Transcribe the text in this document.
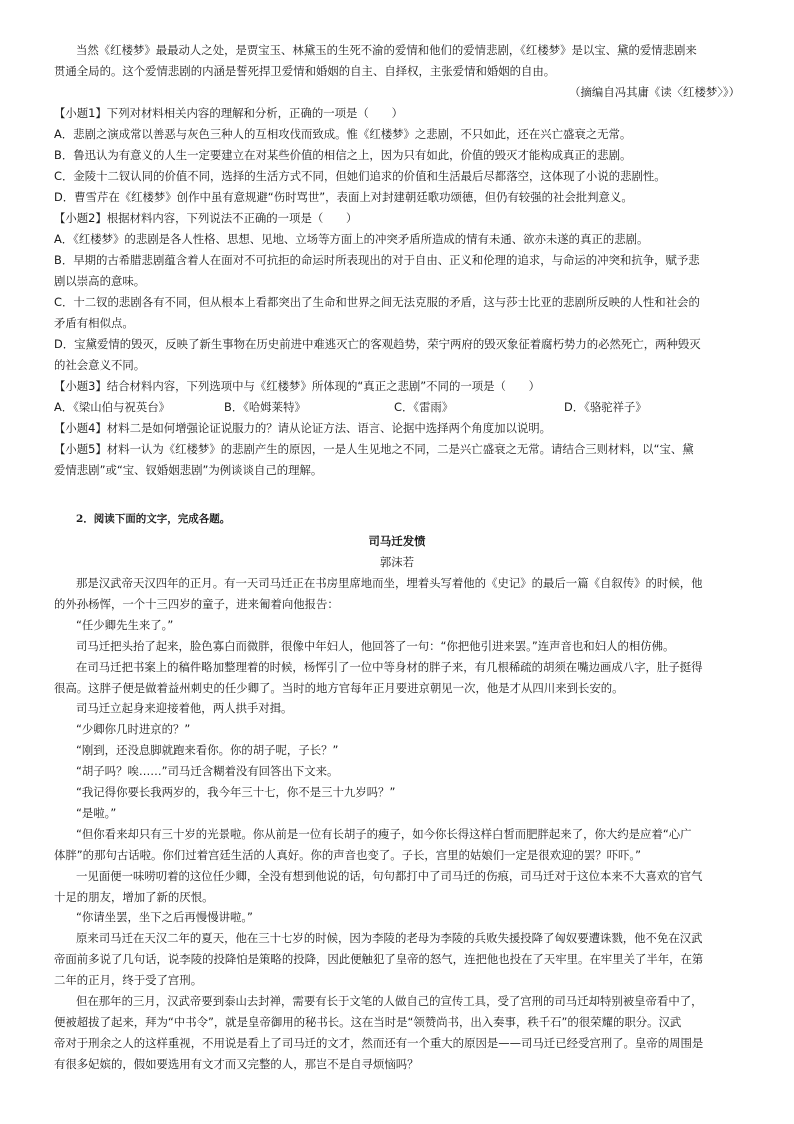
当然《红楼梦》最最动人之处，是贾宝玉、林黛玉的生死不渝的爱情和他们的爱情悲剧，《红楼梦》是以宝、黛的爱情悲剧来
贯通全局的。这个爱情悲剧的内涵是誓死捍卫爱情和婚姻的自主、自择权，主张爱情和婚姻的自由。
（摘编自冯其庸《读〈红楼梦〉》）
【小题1】下列对材料相关内容的理解和分析，正确的一项是（　　）
A．悲剧之演成常以善恶与灰色三种人的互相攻伐而致成。惟《红楼梦》之悲剧，不只如此，还在兴亡盛衰之无常。
B．鲁迅认为有意义的人生一定要建立在对某些价值的相信之上，因为只有如此，价值的毁灭才能构成真正的悲剧。
C．金陵十二钗认同的价值不同，选择的生活方式不同，但她们追求的价值和生活最后尽都落空，这体现了小说的悲剧性。
D．曹雪芹在《红楼梦》创作中虽有意规避“伤时骂世”，表面上对封建朝廷歌功颂德，但仍有较强的社会批判意义。
【小题2】根据材料内容，下列说法不正确的一项是（　　）
A．《红楼梦》的悲剧是各人性格、思想、见地、立场等方面上的冲突矛盾所造成的情有未通、欲亦未遂的真正的悲剧。
B．早期的古希腊悲剧蕴含着人在面对不可抗拒的命运时所表现出的对于自由、正义和伦理的追求，与命运的冲突和抗争，赋予悲
剧以崇高的意味。
C．十二钗的悲剧各有不同，但从根本上看都突出了生命和世界之间无法克服的矛盾，这与莎士比亚的悲剧所反映的人性和社会的
矛盾有相似点。
D．宝黛爱情的毁灭，反映了新生事物在历史前进中难逃灭亡的客观趋势，荣宁两府的毁灭象征着腐朽势力的必然死亡，两种毁灭
的社会意义不同。
【小题3】结合材料内容，下列选项中与《红楼梦》所体现的“真正之悲剧”不同的一项是（　　）
A．《梁山伯与祝英台》	B．《哈姆莱特》	C．《雷雨》	D．《骆驼祥子》
【小题4】材料二是如何增强论证说服力的？请从论证方法、语言、论据中选择两个角度加以说明。
【小题5】材料一认为《红楼梦》的悲剧产生的原因，一是人生见地之不同，二是兴亡盛衰之无常。请结合三则材料，以“宝、黛
爱情悲剧”或“宝、钗婚姻悲剧”为例谈谈自己的理解。
2．阅读下面的文字，完成各题。
司马迁发愤
郭沫若
那是汉武帝天汉四年的正月。有一天司马迁正在书房里席地而坐，埋着头写着他的《史记》的最后一篇《自叙传》的时候，他
的外孙杨恽，一个十三四岁的童子，进来匍着向他报告：
“任少卿先生来了。”
司马迁把头抬了起来，脸色寡白而微胖，很像中年妇人，他回答了一句：“你把他引进来罢。”连声音也和妇人的相仿佛。
在司马迁把书案上的稿件略加整理着的时候，杨恽引了一位中等身材的胖子来，有几根稀疏的胡须在嘴边画成八字，肚子挺得
很高。这胖子便是做着益州刺史的任少卿了。当时的地方官每年正月要进京朝见一次，他是才从四川来到长安的。
司马迁立起身来迎接着他，两人拱手对揖。
“少卿你几时进京的？”
“刚到，还没息脚就跑来看你。你的胡子呢，子长？”
“胡子吗？唉……”司马迁含糊着没有回答出下文来。
“我记得你要长我两岁的，我今年三十七，你不是三十九岁吗？”
“是啦。”
“但你看来却只有三十岁的光景啦。你从前是一位有长胡子的瘦子，如今你长得这样白皙而肥胖起来了，你大约是应着“心广
体胖”的那句古话啦。你们过着宫廷生活的人真好。你的声音也变了。子长，宫里的姑娘们一定是很欢迎的罢？吓吓。”
一见面便一味唠叨着的这位任少卿，全没有想到他说的话，句句都打中了司马迁的伤痕，司马迁对于这位本来不大喜欢的官气
十足的朋友，增加了新的厌恨。
“你请坐罢，坐下之后再慢慢讲啦。”
原来司马迁在天汉二年的夏天，他在三十七岁的时候，因为李陵的老母为李陵的兵败失援投降了匈奴要遭诛戮，他不免在汉武
帝面前多说了几句话，说李陵的投降怕是策略的投降，因此便触犯了皇帝的怒气，连把他也投在了天牢里。在牢里关了半年，在第
二年的正月，终于受了宫刑。
但在那年的三月，汉武帝要到泰山去封禅，需要有长于文笔的人做自己的宣传工具，受了宫刑的司马迁却特别被皇帝看中了，
便被超拔了起来，拜为“中书令”，就是皇帝御用的秘书长。这在当时是“领赞尚书，出入奏事，秩千石”的很荣耀的职分。汉武
帝对于刑余之人的这样重视，不用说是看上了司马迁的文才，然而还有一个重大的原因是——司马迁已经受宫刑了。皇帝的周围是
有很多妃嫔的，假如要选用有文才而又完整的人，那岂不是自寻烦恼吗？
